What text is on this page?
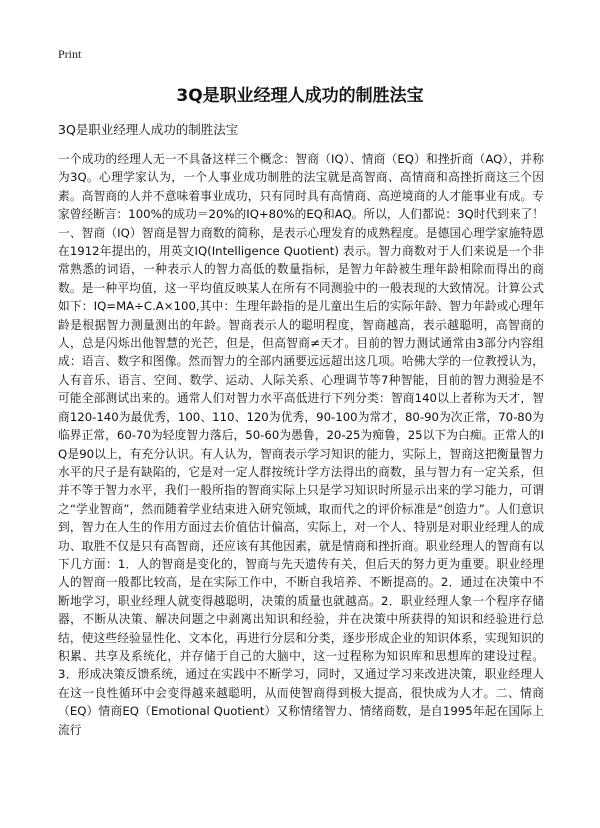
Print
3Q是职业经理人成功的制胜法宝
3Q是职业经理人成功的制胜法宝

一个成功的经理人无一不具备这样三个概念：智商（IQ）、情商（EQ）和挫折商（AQ），并称为3Q。心理学家认为，一个人事业成功制胜的法宝就是高智商、高情商和高挫折商这三个因素。高智商的人并不意味着事业成功，只有同时具有高情商、高逆境商的人才能事业有成。专家曾经断言：100%的成功＝20%的IQ+80%的EQ和AQ。所以，人们都说：3Q时代到来了！一、智商（IQ）智商是智力商数的简称，是表示心理发育的成熟程度。是德国心理学家施特恩在1912年提出的，用英文IQ(Intelligence Quotient) 表示。智力商数对于人们来说是一个非常熟悉的词语，一种表示人的智力高低的数量指标，是智力年龄被生理年龄相除而得出的商数。是一种平均值，这一平均值反映某人在所有不同测验中的一般表现的大致情况。计算公式如下：IQ=MA÷C.A×100,其中：生理年龄指的是儿童出生后的实际年龄、智力年龄或心理年龄是根据智力测量测出的年龄。智商表示人的聪明程度，智商越高，表示越聪明，高智商的人，总是闪烁出他智慧的光芒，但是，但高智商≠天才。目前的智力测试通常由3部分内容组成：语言、数字和图像。然而智力的全部内涵要远远超出这几项。哈佛大学的一位教授认为，人有音乐、语言、空间、数学、运动、人际关系、心理调节等7种智能，目前的智力测验是不可能全部测试出来的。通常人们对智力水平高低进行下列分类：智商140以上者称为天才，智商120-140为最优秀，100、110、120为优秀，90-100为常才，80-90为次正常，70-80为临界正常，60-70为轻度智力落后，50-60为愚鲁，20-25为痴鲁，25以下为白痴。正常人的IQ是90以上，有充分认识。有人认为，智商表示学习知识的能力，实际上，智商这把衡量智力水平的尺子是有缺陷的，它是对一定人群按统计学方法得出的商数，虽与智力有一定关系，但并不等于智力水平，我们一般所指的智商实际上只是学习知识时所显示出来的学习能力，可谓之“学业智商”，然而随着学业结束进入研究领域，取而代之的评价标准是“创造力”。人们意识到，智力在人生的作用方面过去价值估计偏高，实际上，对一个人、特别是对职业经理人的成功、取胜不仅是只有高智商，还应该有其他因素，就是情商和挫折商。职业经理人的智商有以下几方面：1．人的智商是变化的，智商与先天遗传有关，但后天的努力更为重要。职业经理人的智商一般都比较高，是在实际工作中，不断自我培养、不断提高的。2．通过在决策中不断地学习，职业经理人就变得越聪明，决策的质量也就越高。2．职业经理人象一个程序存储器，不断从决策、解决问题之中剥离出知识和经验，并在决策中所获得的知识和经验进行总结，使这些经验显性化、文本化，再进行分层和分类，逐步形成企业的知识体系，实现知识的积累、共享及系统化，并存储于自己的大脑中，这一过程称为知识库和思想库的建设过程。3．形成决策反馈系统，通过在实践中不断学习，同时，又通过学习来改进决策，职业经理人在这一良性循环中会变得越来越聪明，从而使智商得到极大提高，很快成为人才。二、情商（EQ）情商EQ（Emotional Quotient）又称情绪智力、情绪商数，是自1995年起在国际上流行
